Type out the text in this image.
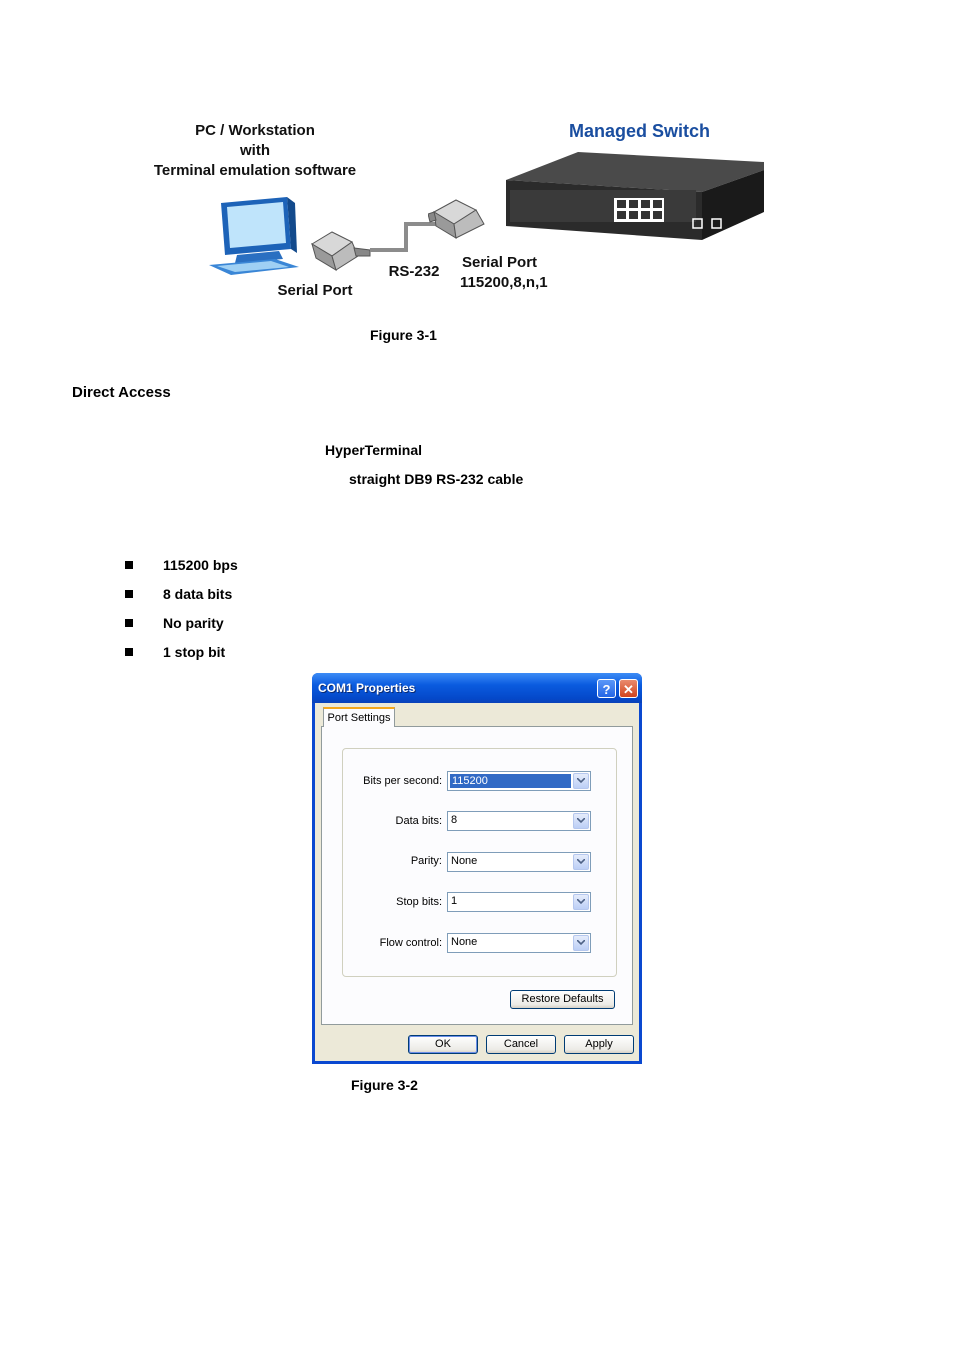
PC / Workstation
with
Terminal emulation software
Managed Switch
Serial Port
RS-232
Serial Port
115200,8,n,1
Figure 3-1
Direct Access
HyperTerminal
straight DB9 RS-232 cable
115200 bps
8 data bits
No parity
1 stop bit
COM1 Properties	? ✕
Port Settings
Bits per second: 115200
Data bits: 8
Parity: None
Stop bits: 1
Flow control: None
Restore Defaults
OK	Cancel	Apply
Figure 3-2
